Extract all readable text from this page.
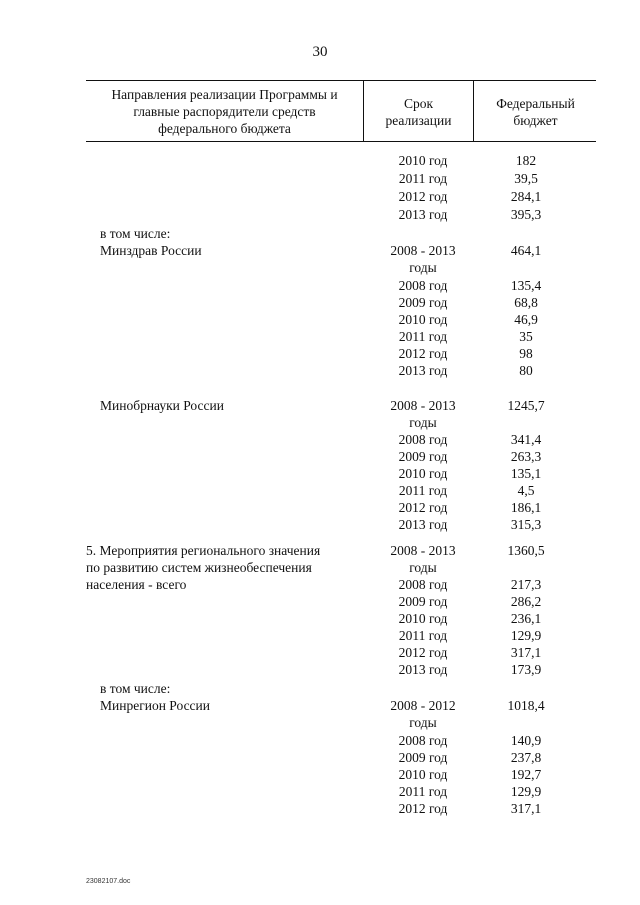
30
Направления реализации Программы и
главные распорядители средств
федерального бюджета
Срок
реализации
Федеральный
бюджет
2010 год	182
2011 год	39,5
2012 год	284,1
2013 год	395,3
в том числе:
Минздрав России	2008 - 2013	464,1
годы
2008 год	135,4
2009 год	68,8
2010 год	46,9
2011 год	35
2012 год	98
2013 год	80
Минобрнауки России	2008 - 2013	1245,7
годы
2008 год	341,4
2009 год	263,3
2010 год	135,1
2011 год	4,5
2012 год	186,1
2013 год	315,3
5. Мероприятия регионального значения
по развитию систем жизнеобеспечения
населения - всего
2008 - 2013	1360,5
годы
2008 год	217,3
2009 год	286,2
2010 год	236,1
2011 год	129,9
2012 год	317,1
2013 год	173,9
в том числе:
Минрегион России	2008 - 2012	1018,4
годы
2008 год	140,9
2009 год	237,8
2010 год	192,7
2011 год	129,9
2012 год	317,1
23082107.doc
